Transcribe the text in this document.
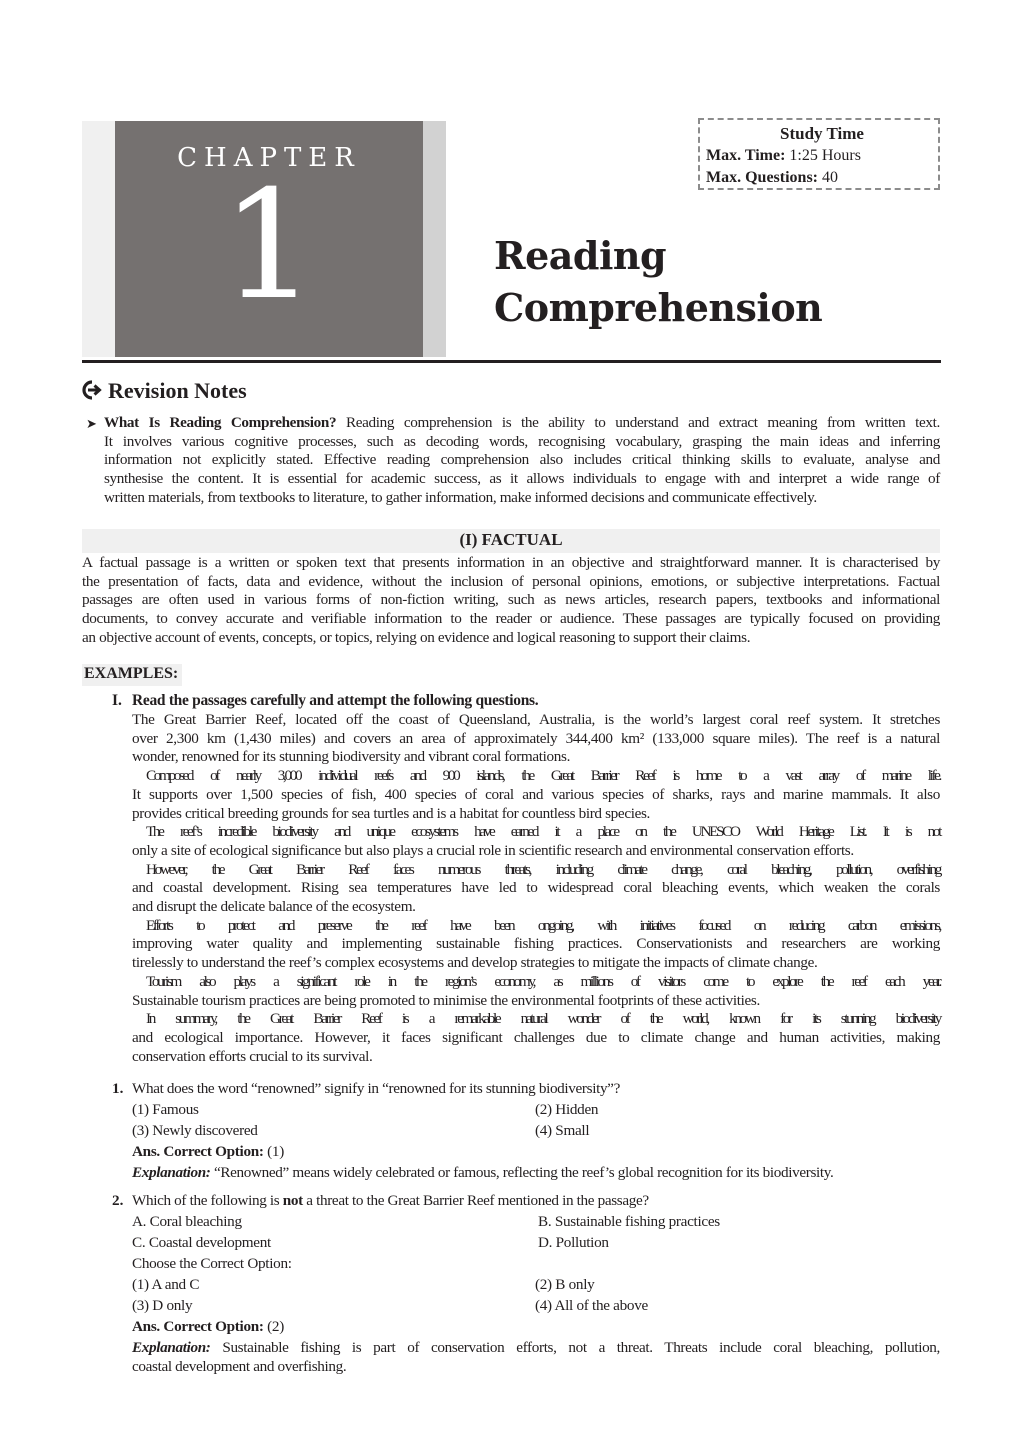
CHAPTER
1	Reading
Comprehension
Study Time
Max. Time: 1:25 Hours
Max. Questions: 40
Revision Notes
➤ What Is Reading Comprehension? Reading comprehension is the ability to understand and extract meaning from written text.
It involves various cognitive processes, such as decoding words, recognising vocabulary, grasping the main ideas and inferring
information not explicitly stated. Effective reading comprehension also includes critical thinking skills to evaluate, analyse and
synthesise the content. It is essential for academic success, as it allows individuals to engage with and interpret a wide range of
written materials, from textbooks to literature, to gather information, make informed decisions and communicate effectively.
(I) FACTUAL
A factual passage is a written or spoken text that presents information in an objective and straightforward manner. It is characterised by
the presentation of facts, data and evidence, without the inclusion of personal opinions, emotions, or subjective interpretations. Factual
passages are often used in various forms of non-fiction writing, such as news articles, research papers, textbooks and informational
documents, to convey accurate and verifiable information to the reader or audience. These passages are typically focused on providing
an objective account of events, concepts, or topics, relying on evidence and logical reasoning to support their claims.
EXAMPLES:
I. Read the passages carefully and attempt the following questions.
The Great Barrier Reef, located off the coast of Queensland, Australia, is the world’s largest coral reef system. It stretches
over 2,300 km (1,430 miles) and covers an area of approximately 344,400 km² (133,000 square miles). The reef is a natural
wonder, renowned for its stunning biodiversity and vibrant coral formations.
Composed of nearly 3,000 individual reefs and 900 islands, the Great Barrier Reef is home to a vast array of marine life.
It supports over 1,500 species of fish, 400 species of coral and various species of sharks, rays and marine mammals. It also
provides critical breeding grounds for sea turtles and is a habitat for countless bird species.
The reef’s incredible biodiversity and unique ecosystems have earned it a place on the UNESCO World Heritage List. It is not
only a site of ecological significance but also plays a crucial role in scientific research and environmental conservation efforts.
However, the Great Barrier Reef faces numerous threats, including climate change, coral bleaching, pollution, overfishing
and coastal development. Rising sea temperatures have led to widespread coral bleaching events, which weaken the corals
and disrupt the delicate balance of the ecosystem.
Efforts to protect and preserve the reef have been ongoing, with initiatives focused on reducing carbon emissions,
improving water quality and implementing sustainable fishing practices. Conservationists and researchers are working
tirelessly to understand the reef’s complex ecosystems and develop strategies to mitigate the impacts of climate change.
Tourism also plays a significant role in the region’s economy, as millions of visitors come to explore the reef each year.
Sustainable tourism practices are being promoted to minimise the environmental footprints of these activities.
In summary, the Great Barrier Reef is a remarkable natural wonder of the world, known for its stunning biodiversity
and ecological importance. However, it faces significant challenges due to climate change and human activities, making
conservation efforts crucial to its survival.
1. What does the word “renowned” signify in “renowned for its stunning biodiversity”?
(1) Famous	(2) Hidden
(3) Newly discovered	(4) Small
Ans. Correct Option: (1)
Explanation: “Renowned” means widely celebrated or famous, reflecting the reef’s global recognition for its biodiversity.
2. Which of the following is not a threat to the Great Barrier Reef mentioned in the passage?
A. Coral bleaching	B. Sustainable fishing practices
C. Coastal development	D. Pollution
Choose the Correct Option:
(1) A and C	(2) B only
(3) D only	(4) All of the above
Ans. Correct Option: (2)
Explanation: Sustainable fishing is part of conservation efforts, not a threat. Threats include coral bleaching, pollution,
coastal development and overfishing.
